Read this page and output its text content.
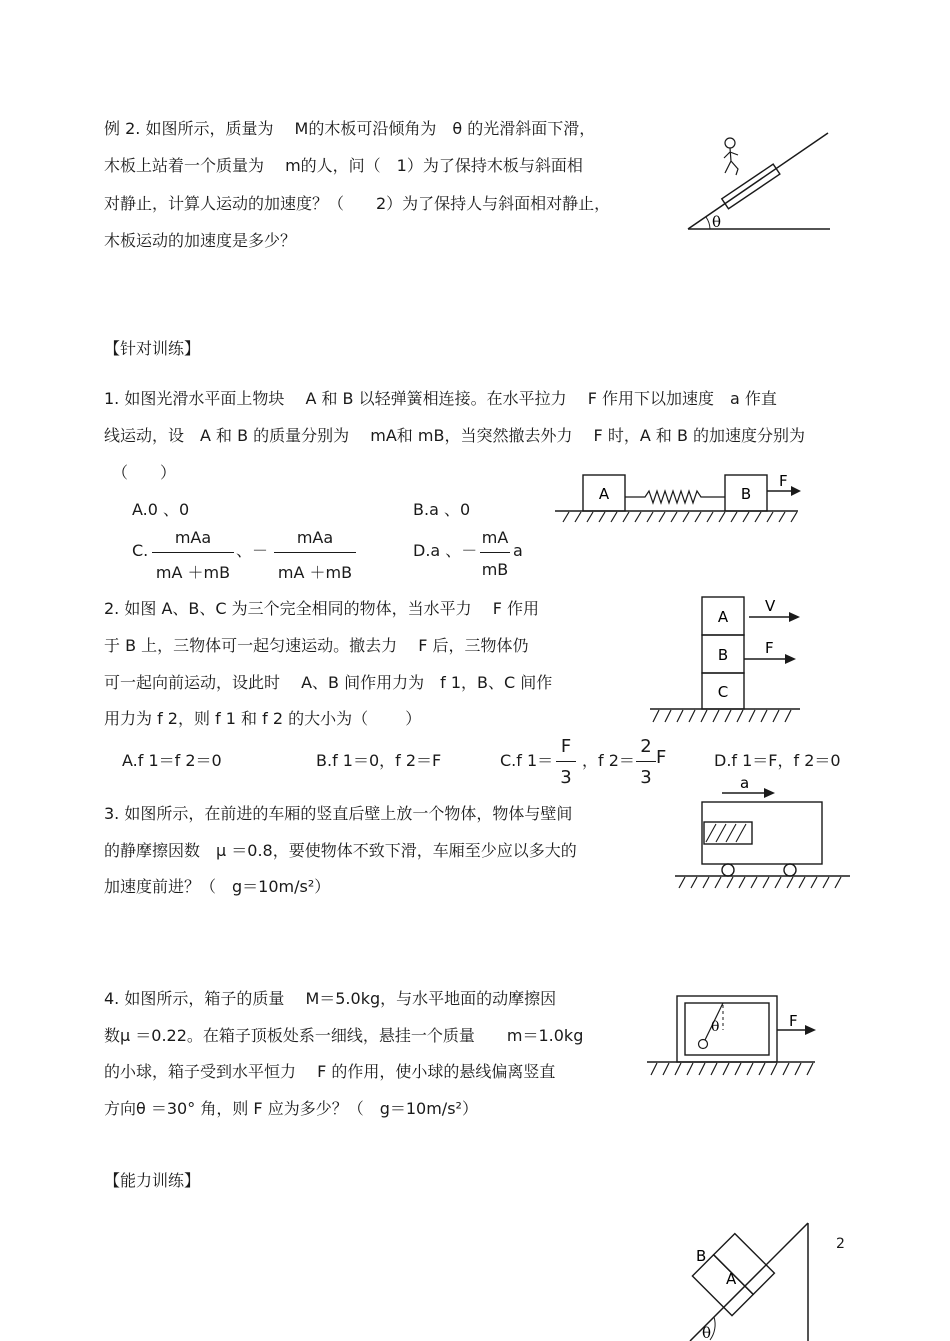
例 2. 如图所示，质量为　 M的木板可沿倾角为　θ 的光滑斜面下滑，
木板上站着一个质量为　 m的人，问（　1）为了保持木板与斜面相
对静止，计算人运动的加速度？（　　2）为了保持人与斜面相对静止，
木板运动的加速度是多少？
θ
【针对训练】
1. 如图光滑水平面上物块　 A 和 B 以轻弹簧相连接。在水平拉力　 F 作用下以加速度　a 作直
线运动，设　A 和 B 的质量分别为　 mA和 mB，当突然撤去外力　 F 时，A 和 B 的加速度分别为
（　　）
A.0 、0	B.a 、0
C.
mAa
mA ＋mB
、－
mAa
mA ＋mB
D.a 、－
mA
mB
a
A	B
F
2. 如图 A、B、C 为三个完全相同的物体，当水平力　 F 作用
于 B 上，三物体可一起匀速运动。撤去力　 F 后，三物体仍
可一起向前运动，设此时　 A、B 间作用力为　f 1，B、C 间作
用力为 f 2，则 f 1 和 f 2 的大小为（　　 ）
A.f 1＝f 2＝0	B.f 1＝0，f 2＝F	C.f 1＝
F
3
，f 2＝
2
3
F	D.f 1＝F，f 2＝0
A
B
C
V
F
3. 如图所示，在前进的车厢的竖直后壁上放一个物体，物体与壁间
的静摩擦因数　μ ＝0.8，要使物体不致下滑，车厢至少应以多大的
加速度前进？（　g＝10m/s²）
a
4. 如图所示，箱子的质量　 M＝5.0kg，与水平地面的动摩擦因
数μ ＝0.22。在箱子顶板处系一细线，悬挂一个质量　　m＝1.0kg
的小球，箱子受到水平恒力　 F 的作用，使小球的悬线偏离竖直
方向θ ＝30° 角，则 F 应为多少？（　g＝10m/s²）
θ	F
【能力训练】
2
B
A
θ
